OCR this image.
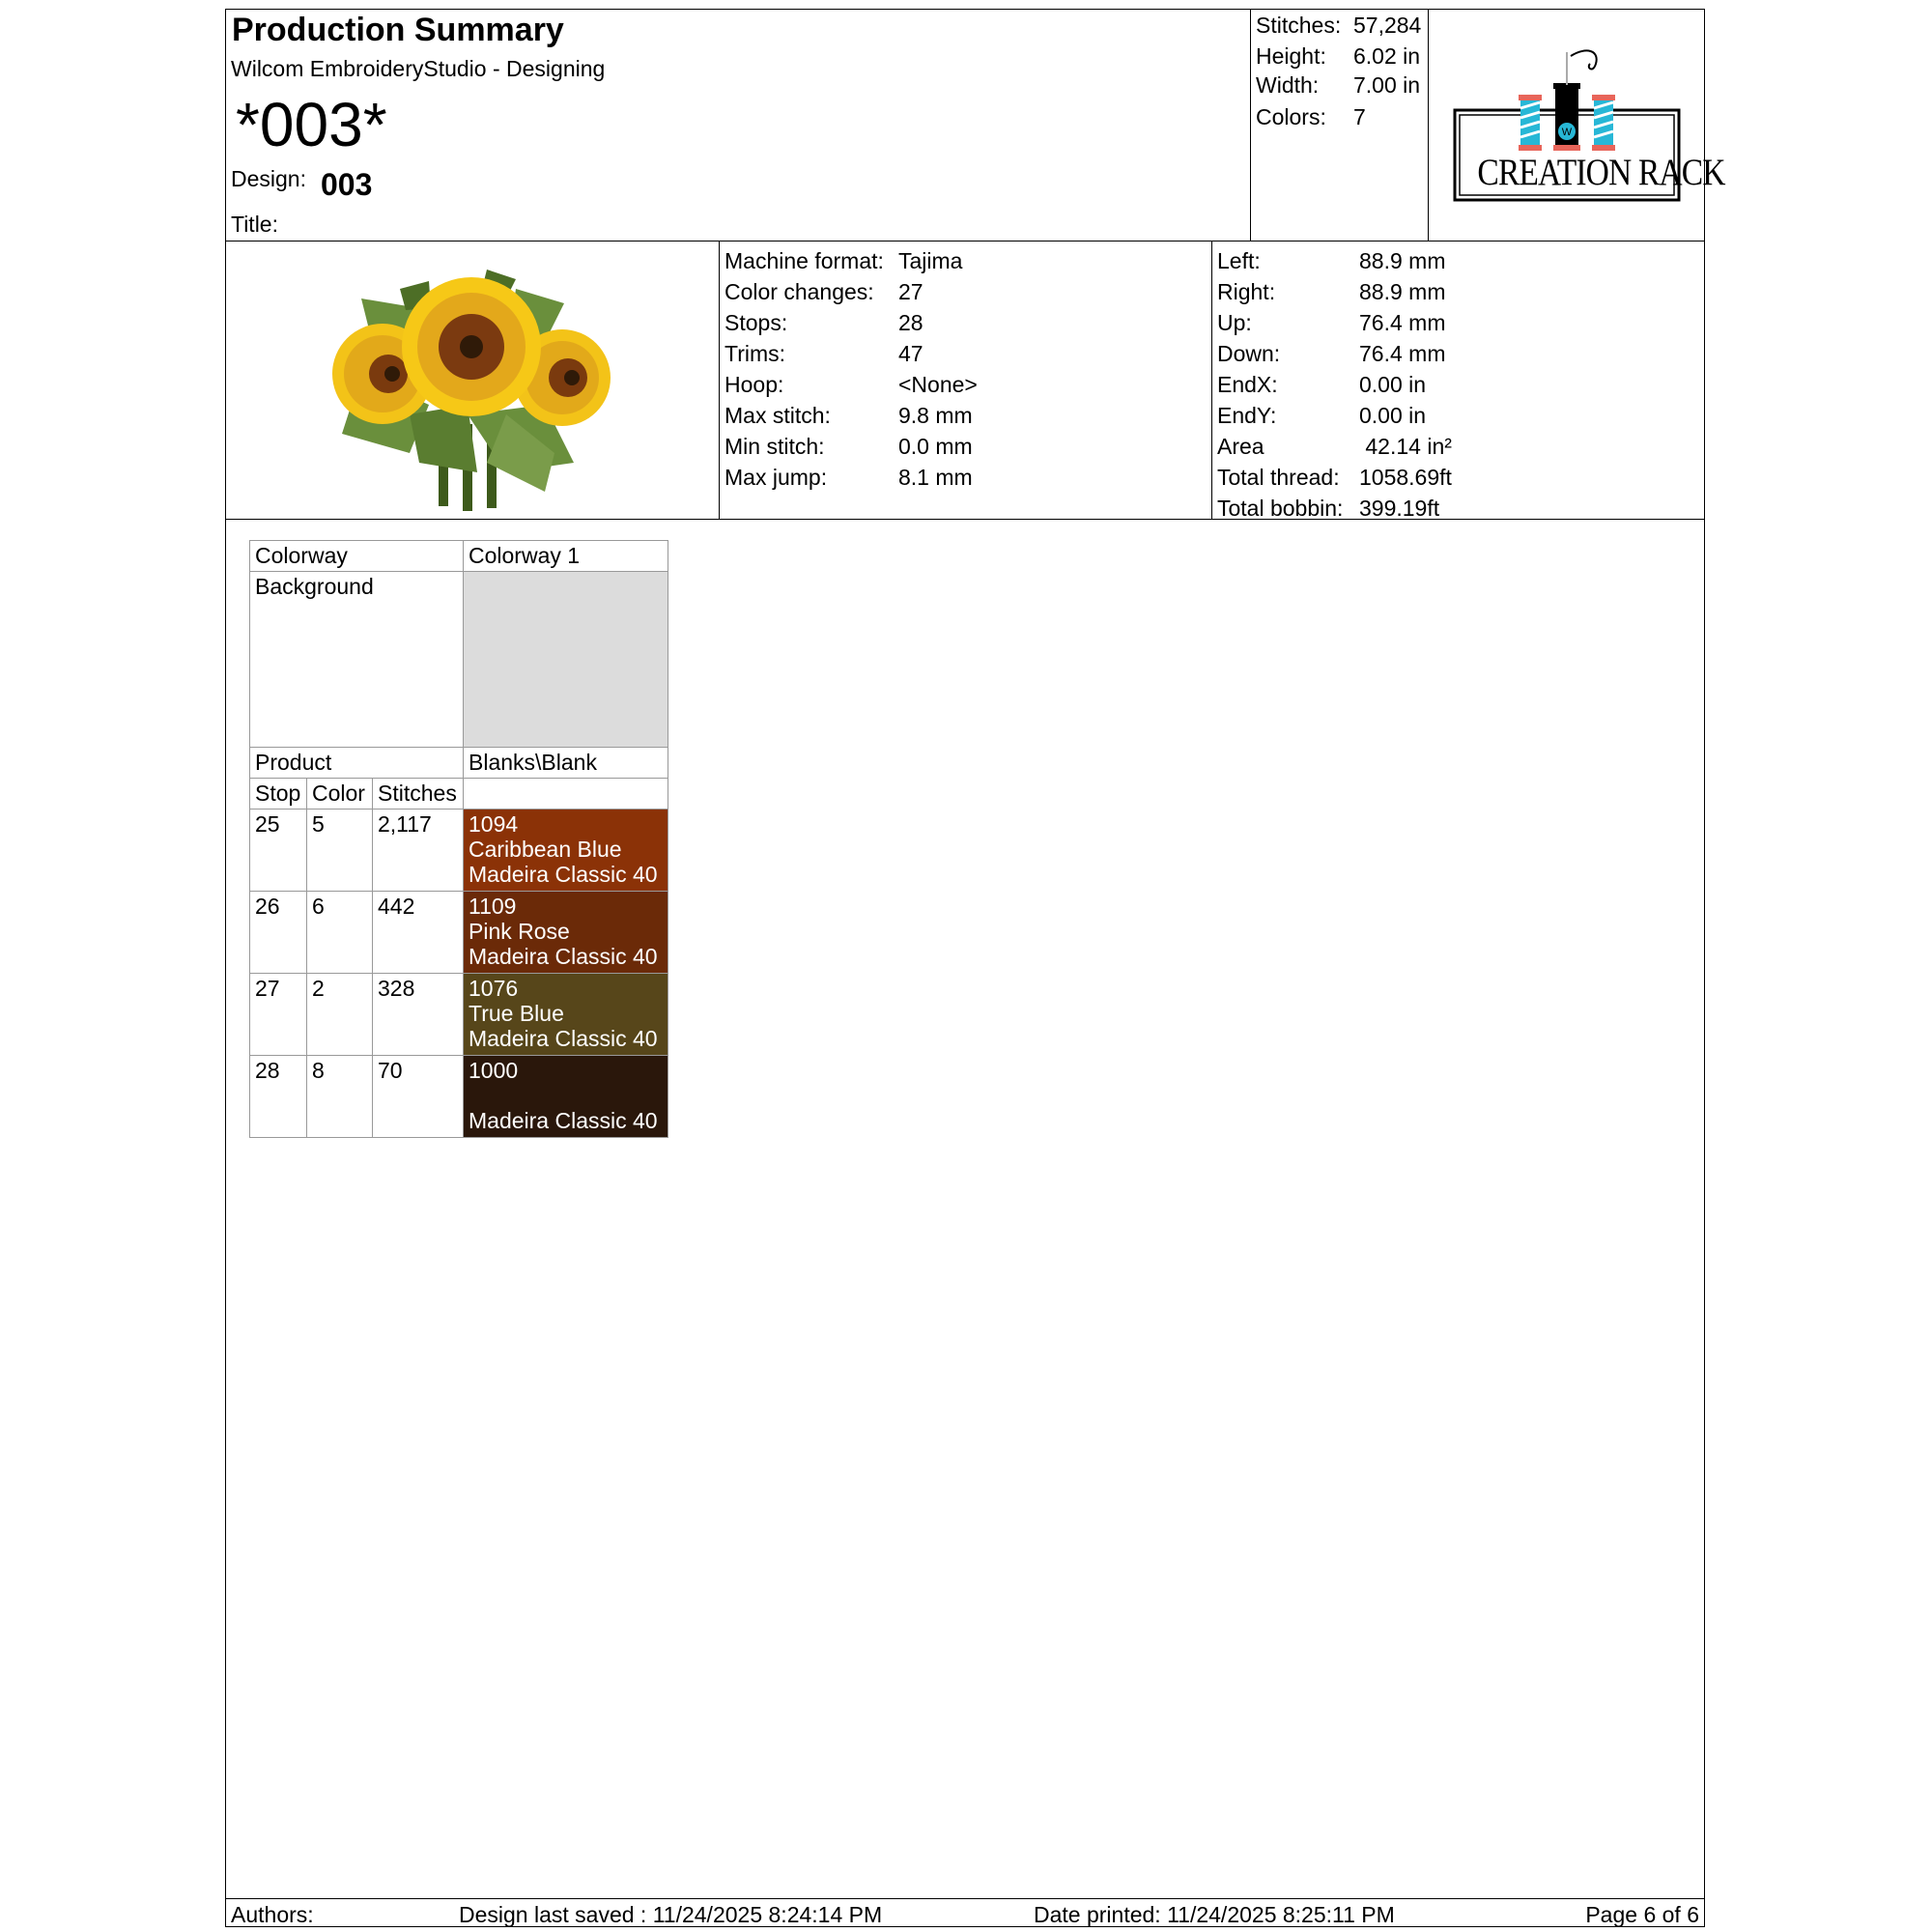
Production Summary
Wilcom EmbroideryStudio - Designing
*003*
Design: 003
Title:
Stitches: 57,284
Height: 6.02 in
Width: 7.00 in
Colors: 7
W
CREATION RACK
Machine format: Tajima
Color changes: 27
Stops:	28
Trims:	47
Hoop:	<None>
Max stitch:	9.8 mm
Min stitch:	0.0 mm
Max jump:	8.1 mm
Left:	88.9 mm
Right:	88.9 mm
Up:	76.4 mm
Down:	76.4 mm
EndX:	0.00 in
EndY:	0.00 in
Area	42.14 in²
Total thread: 1058.69ft
Total bobbin: 399.19ft
Colorway			Colorway 1
Background			
Product			Blanks\Blank
Stop	Color	Stitches	
25	5	2,117	1094
Caribbean Blue
Madeira Classic 40

26	6	442	1109
Pink Rose
Madeira Classic 40

27	2	328	1076
True Blue
Madeira Classic 40

28	8	70	1000
Madeira Classic 40
Authors:	Design last saved : 11/24/2025 8:24:14 PM	Date printed: 11/24/2025 8:25:11 PM	Page 6 of 6
